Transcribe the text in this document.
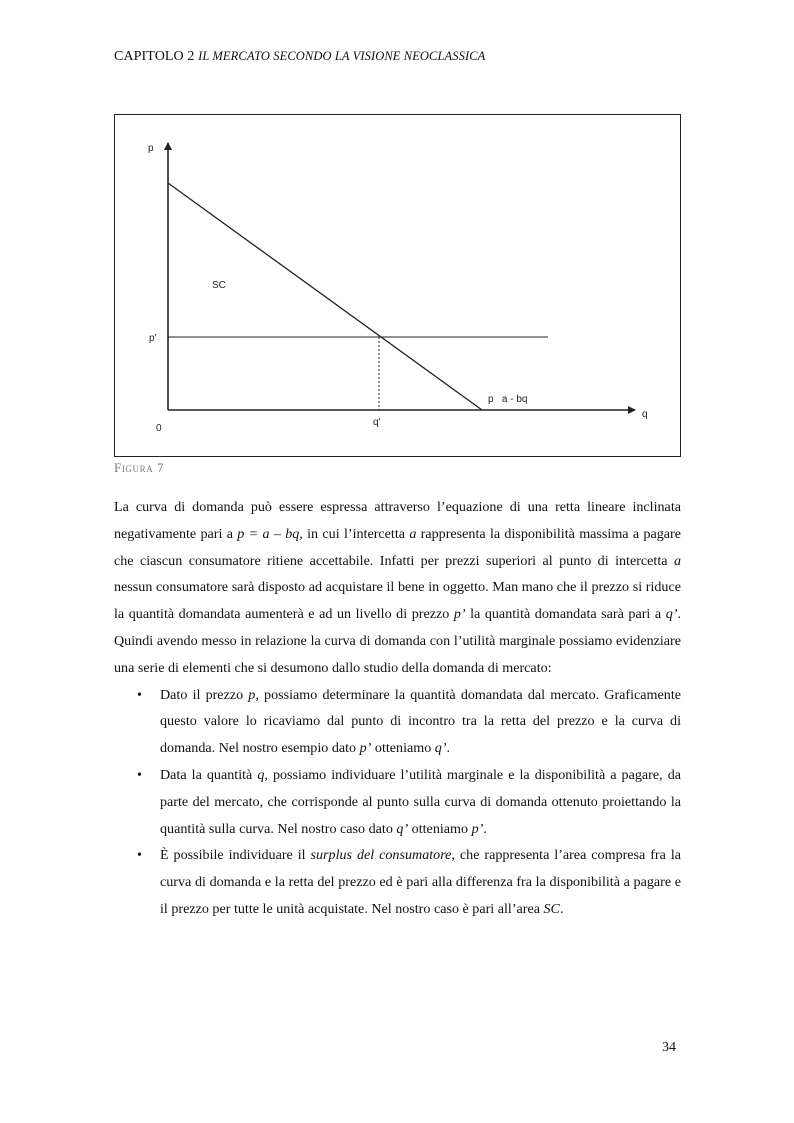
CAPITOLO 2 IL MERCATO SECONDO LA VISIONE NEOCLASSICA
p
q
0
p'
q'
SC
p   a - bq
Figura 7

La curva di domanda può essere espressa attraverso l’equazione di una retta lineare inclinata negativamente pari a p = a – bq, in cui l’intercetta a rappresenta la disponibilità massima a pagare che ciascun consumatore ritiene accettabile. Infatti per prezzi superiori al punto di intercetta a nessun consumatore sarà disposto ad acquistare il bene in oggetto. Man mano che il prezzo si riduce la quantità domandata aumenterà e ad un livello di prezzo p’ la quantità domandata sarà pari a q’. Quindi avendo messo in relazione la curva di domanda con l’utilità marginale possiamo evidenziare una serie di elementi che si desumono dallo studio della domanda di mercato:

• Dato il prezzo p, possiamo determinare la quantità domandata dal mercato. Graficamente questo valore lo ricaviamo dal punto di incontro tra la retta del prezzo e la curva di domanda. Nel nostro esempio dato p’ otteniamo q’.
• Data la quantità q, possiamo individuare l’utilità marginale e la disponibilità a pagare, da parte del mercato, che corrisponde al punto sulla curva di domanda ottenuto proiettando la quantità sulla curva. Nel nostro caso dato q’ otteniamo p’.
• È possibile individuare il surplus del consumatore, che rappresenta l’area compresa fra la curva di domanda e la retta del prezzo ed è pari alla differenza fra la disponibilità a pagare e il prezzo per tutte le unità acquistate. Nel nostro caso è pari all’area SC.
34
